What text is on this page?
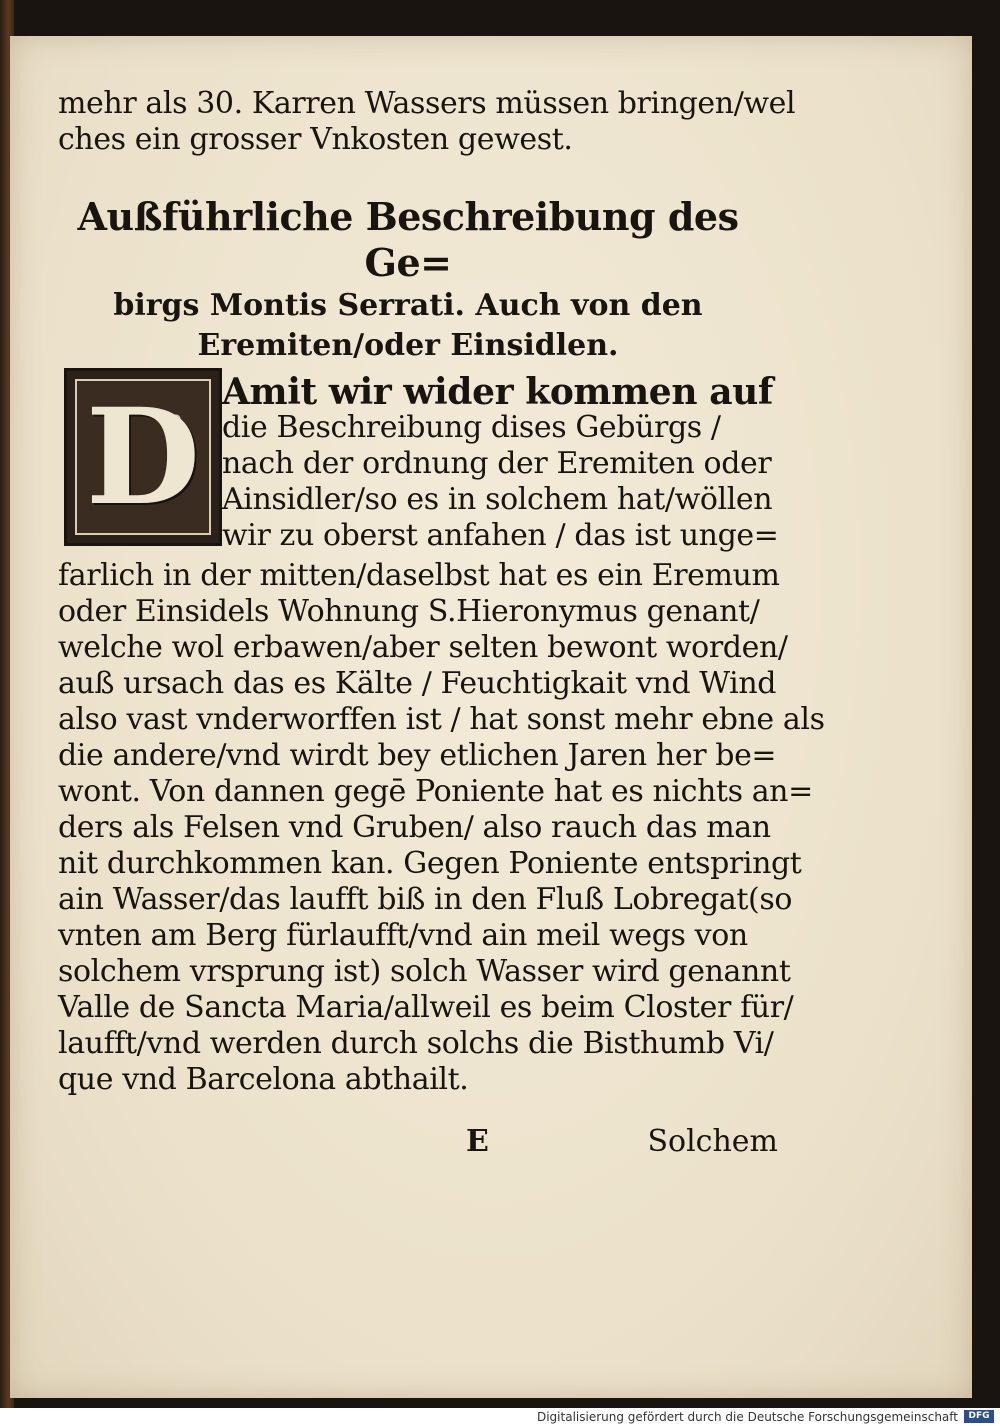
mehr als 30. Karren Wassers müssen bringen/wel
ches ein grosser Vnkosten gewest.
Außführliche Beschreibung des Ge=
birgs Montis Serrati. Auch von den
Eremiten/oder Einsidlen.
D Amit wir wider kommen auf
die Beschreibung dises Gebürgs /
nach der ordnung der Eremiten oder
Ainsidler/so es in solchem hat/wöllen
wir zu oberst anfahen / das ist unge=
farlich in der mitten/daselbst hat es ein Eremum
oder Einsidels Wohnung S.Hieronymus genant/
welche wol erbawen/aber selten bewont worden/
auß ursach das es Kälte / Feuchtigkait vnd Wind
also vast vnderworffen ist / hat sonst mehr ebne als
die andere/vnd wirdt bey etlichen Jaren her be=
wont. Von dannen gegē Poniente hat es nichts an=
ders als Felsen vnd Gruben/ also rauch das man
nit durchkommen kan. Gegen Poniente entspringt
ain Wasser/das laufft biß in den Fluß Lobregat(so
vnten am Berg fürlaufft/vnd ain meil wegs von
solchem vrsprung ist) solch Wasser wird genannt
Valle de Sancta Maria/allweil es beim Closter für/
laufft/vnd werden durch solchs die Bisthumb Vi/
que vnd Barcelona abthailt.
E	Solchem
Digitalisierung gefördert durch die Deutsche Forschungsgemeinschaft	DFG
